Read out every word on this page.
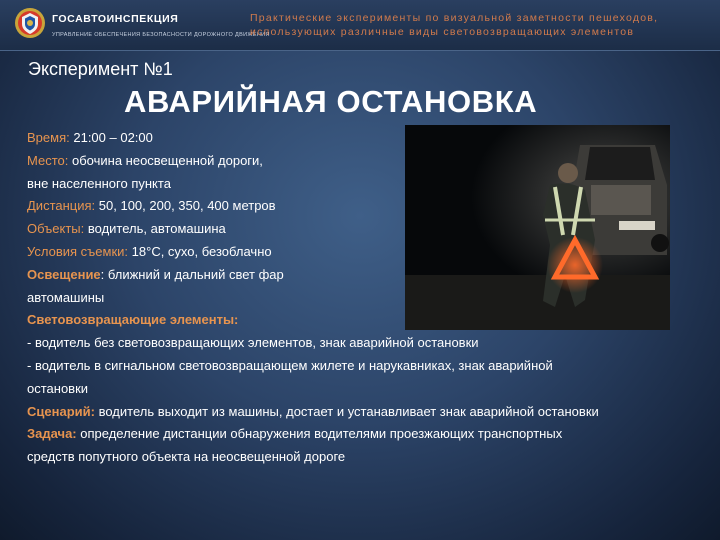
ГОСАВТОИНСПЕКЦИЯ
УПРАВЛЕНИЕ ОБЕСПЕЧЕНИЯ БЕЗОПАСНОСТИ ДОРОЖНОГО ДВИЖЕНИЯ
Практические эксперименты по визуальной заметности пешеходов,
использующих различные виды световозвращающих элементов
Эксперимент №1
АВАРИЙНАЯ ОСТАНОВКА
Время: 21:00 – 02:00
Место: обочина неосвещенной дороги,
вне населенного пункта
Дистанция: 50, 100, 200, 350, 400 метров
Объекты: водитель, автомашина
Условия съемки: 18°С, сухо, безоблачно
Освещение: ближний и дальний свет фар
автомашины
Световозвращающие элементы:
- водитель без световозвращающих элементов, знак аварийной остановки
- водитель в сигнальном световозвращающем жилете и нарукавниках, знак аварийной
остановки
Сценарий: водитель выходит из машины, достает и устанавливает знак аварийной остановки
Задача: определение дистанции обнаружения водителями проезжающих транспортных
средств попутного объекта на неосвещенной дороге
